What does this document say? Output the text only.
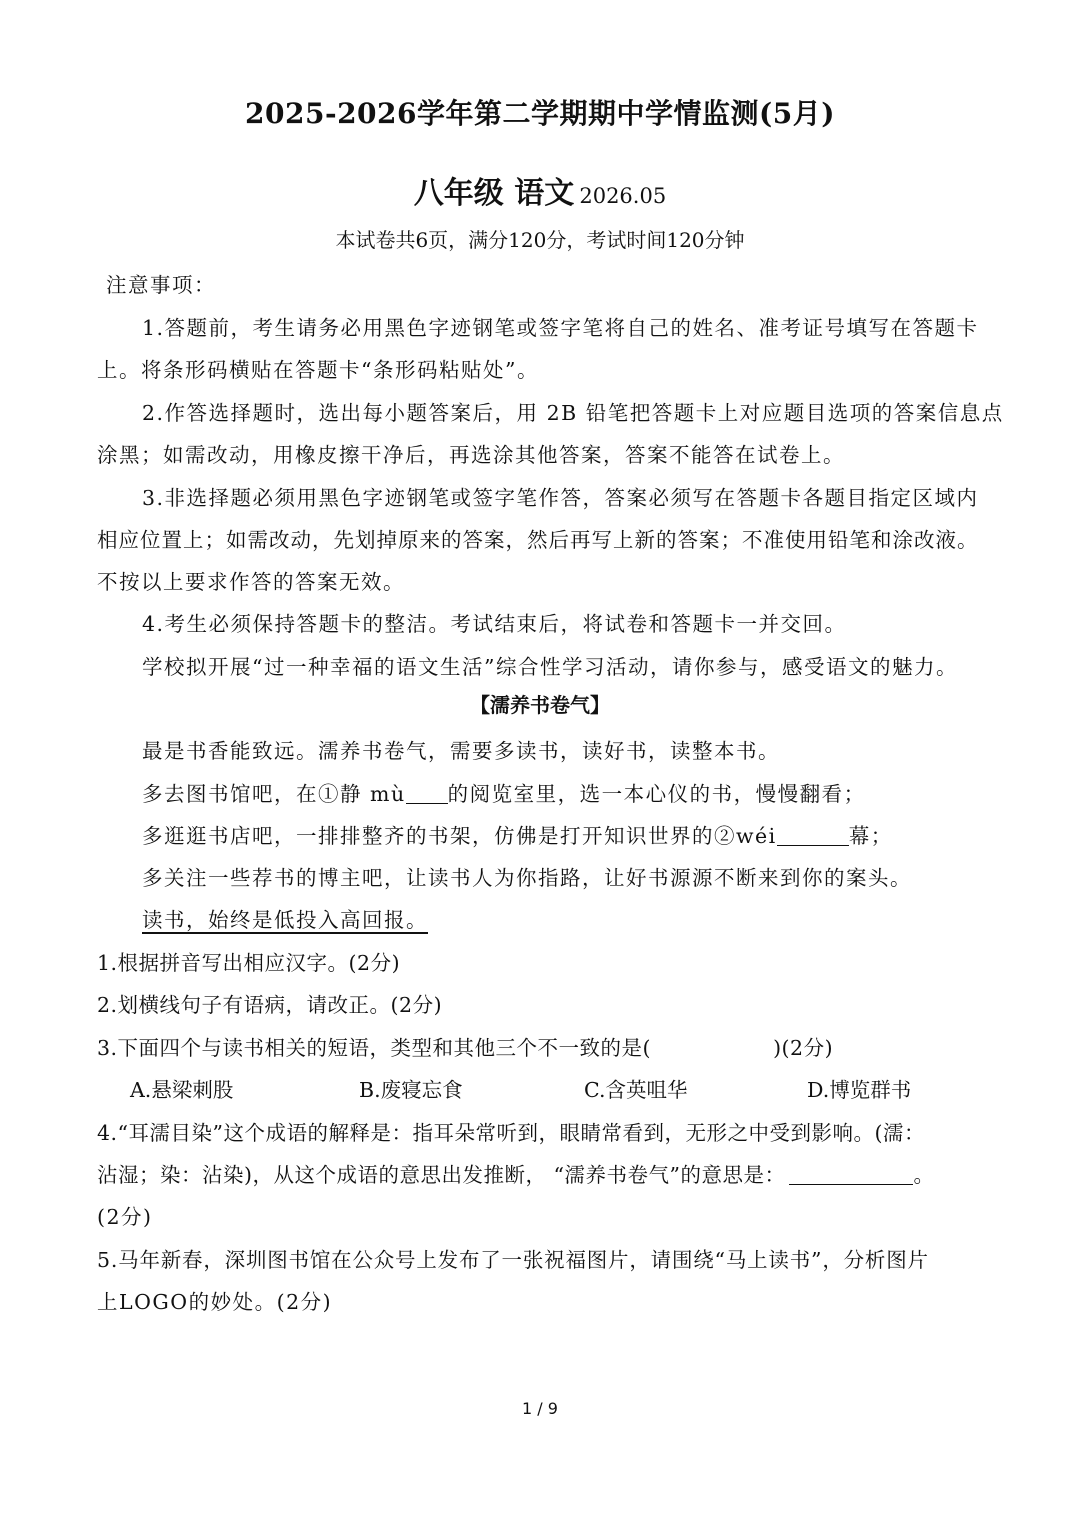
2025-2026学年第二学期期中学情监测(5月)
八年级 语文 2026.05
本试卷共6页，满分120分，考试时间120分钟
注意事项：
1.答题前，考生请务必用黑色字迹钢笔或签字笔将自己的姓名、准考证号填写在答题卡
上。将条形码横贴在答题卡“条形码粘贴处”。
2.作答选择题时，选出每小题答案后，用 2B 铅笔把答题卡上对应题目选项的答案信息点
涂黑；如需改动，用橡皮擦干净后，再选涂其他答案，答案不能答在试卷上。
3.非选择题必须用黑色字迹钢笔或签字笔作答，答案必须写在答题卡各题目指定区域内
相应位置上；如需改动，先划掉原来的答案，然后再写上新的答案；不准使用铅笔和涂改液。
不按以上要求作答的答案无效。
4.考生必须保持答题卡的整洁。考试结束后，将试卷和答题卡一并交回。
学校拟开展“过一种幸福的语文生活”综合性学习活动，请你参与，感受语文的魅力。
【濡养书卷气】
最是书香能致远。濡养书卷气，需要多读书，读好书，读整本书。
多去图书馆吧，在①静 mù 的阅览室里，选一本心仪的书，慢慢翻看；
多逛逛书店吧，一排排整齐的书架，仿佛是打开知识世界的②wéi	幕；
多关注一些荐书的博主吧，让读书人为你指路，让好书源源不断来到你的案头。
读书，始终是低投入高回报。
1.根据拼音写出相应汉字。(2分)
2.划横线句子有语病，请改正。(2分)
3.下面四个与读书相关的短语，类型和其他三个不一致的是(	)(2分)
A.悬梁刺股	B.废寝忘食	C.含英咀华	D.博览群书
4.“耳濡目染”这个成语的解释是：指耳朵常听到，眼睛常看到，无形之中受到影响。(濡：
沾湿；染：沾染)，从这个成语的意思出发推断， “濡养书卷气”的意思是：	。
(2分)
5.马年新春，深圳图书馆在公众号上发布了一张祝福图片，请围绕“马上读书”，分析图片
上LOGO的妙处。(2分)
1 / 9
